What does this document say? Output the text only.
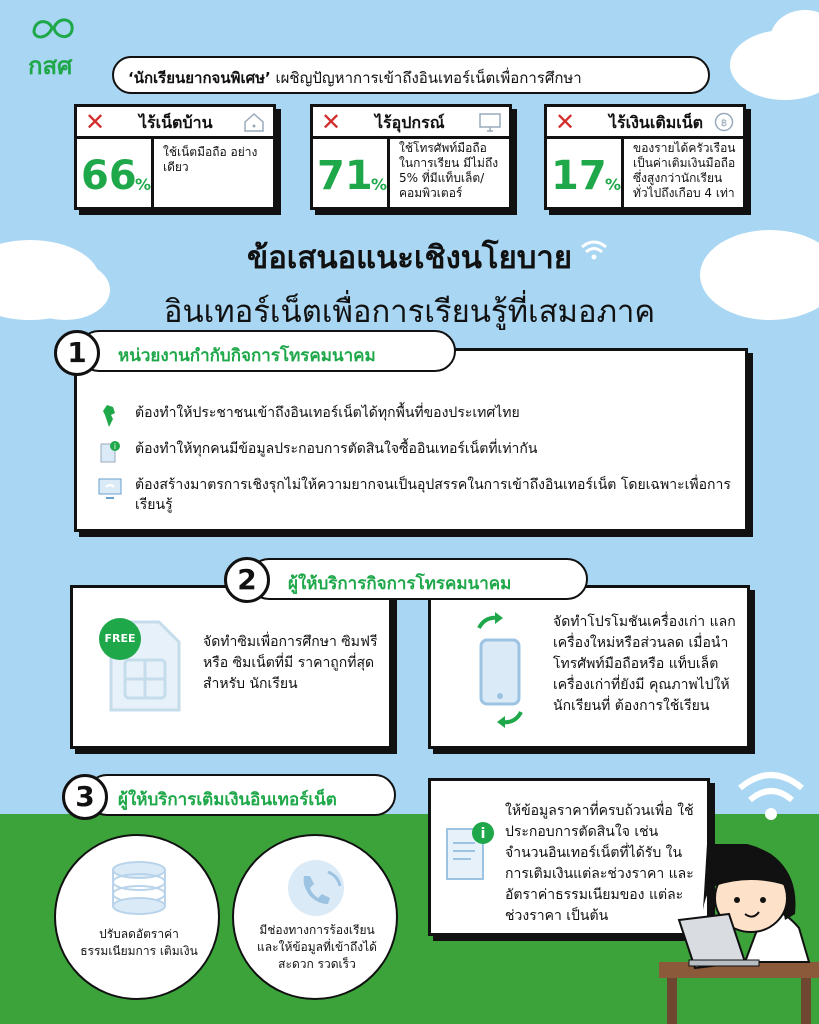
กสศ	‘นักเรียนยากจนพิเศษ’ เผชิญปัญหาการเข้าถึงอินเทอร์เน็ตเพื่อการศึกษา
✕ ไร้เน็ตบ้าน
66
%
ใช้เน็ตมือถือ อย่างเดียว
✕ ไร้อุปกรณ์
71
%
ใช้โทรศัพท์มือถือ ในการเรียน มีไม่ถึง 5% ที่มีแท็บเล็ต/ คอมพิวเตอร์
✕ ไร้เงินเติมเน็ต ฿
17
%
ของรายได้ครัวเรือน เป็นค่าเติมเงินมือถือ ซึ่งสูงกว่านักเรียน ทั่วไปถึงเกือบ 4 เท่า
ข้อเสนอแนะเชิงนโยบาย
อินเทอร์เน็ตเพื่อการเรียนรู้ที่เสมอภาค
ต้องทำให้ประชาชนเข้าถึงอินเทอร์เน็ตได้ทุกพื้นที่ของประเทศไทย
i ต้องทำให้ทุกคนมีข้อมูลประกอบการตัดสินใจซื้ออินเทอร์เน็ตที่เท่ากัน
ต้องสร้างมาตรการเชิงรุกไม่ให้ความยากจนเป็นอุปสรรคในการเข้าถึงอินเทอร์เน็ต โดยเฉพาะเพื่อการเรียนรู้
หน่วยงานกำกับกิจการโทรคมนาคม
1
FREE	จัดทำซิมเพื่อการศึกษา ซิมฟรี หรือ ซิมเน็ตที่มี ราคาถูกที่สุดสำหรับ นักเรียน
จัดทำโปรโมชันเครื่องเก่า แลกเครื่องใหม่หรือส่วนลด เมื่อนำโทรศัพท์มือถือหรือ แท็บเล็ตเครื่องเก่าที่ยังมี คุณภาพไปให้นักเรียนที่ ต้องการใช้เรียน
ผู้ให้บริการกิจการโทรคมนาคม
2
ผู้ให้บริการเติมเงินอินเทอร์เน็ต
3
ปรับลดอัตราค่า ธรรมเนียมการ เติมเงิน
มีช่องทางการร้องเรียน และให้ข้อมูลที่เข้าถึงได้ สะดวก รวดเร็ว
i
ให้ข้อมูลราคาที่ครบถ้วนเพื่อ ใช้ประกอบการตัดสินใจ เช่น จำนวนอินเทอร์เน็ตที่ได้รับ ในการเติมเงินแต่ละช่วงราคา และอัตราค่าธรรมเนียมของ แต่ละช่วงราคา เป็นต้น
